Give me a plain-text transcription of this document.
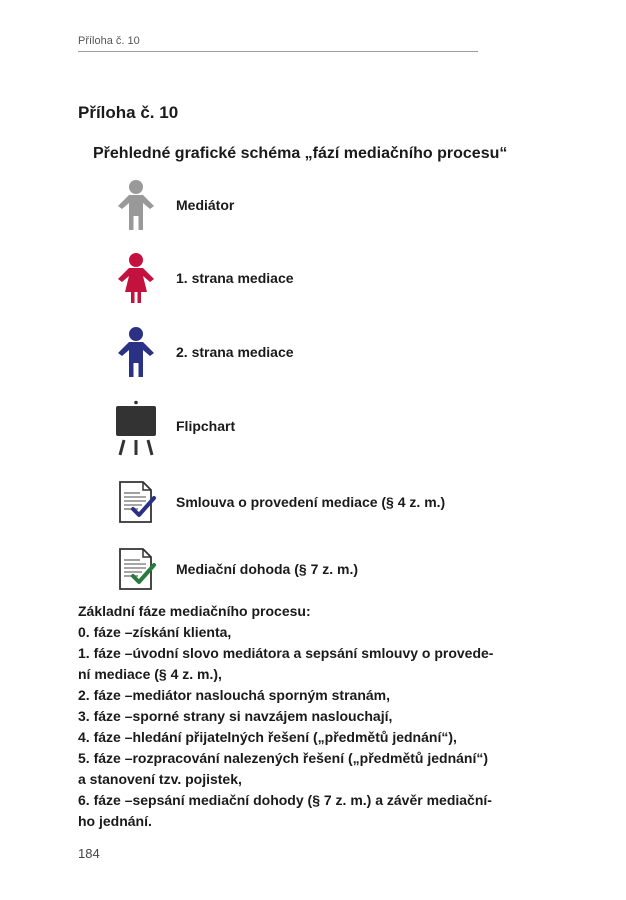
Příloha č. 10
Příloha č. 10
Přehledné grafické schéma „fází mediačního procesu“
Mediátor
1. strana mediace
2. strana mediace
Flipchart
Smlouva o provedení mediace (§ 4 z. m.)
Mediační dohoda (§ 7 z. m.)
Základní fáze mediačního procesu:
0. fáze – získání klienta,
1. fáze – úvodní slovo mediátora a sepsání smlouvy o provede-
ní mediace (§ 4 z. m.),
2. fáze – mediátor naslouchá sporným stranám,
3. fáze – sporné strany si navzájem naslouchají,
4. fáze – hledání přijatelných řešení („předmětů jednání“),
5. fáze – rozpracování nalezených řešení („předmětů jednání“)
a stanovení tzv. pojistek,
6. fáze – sepsání mediační dohody (§ 7 z. m.) a závěr mediační-
ho jednání.
184
